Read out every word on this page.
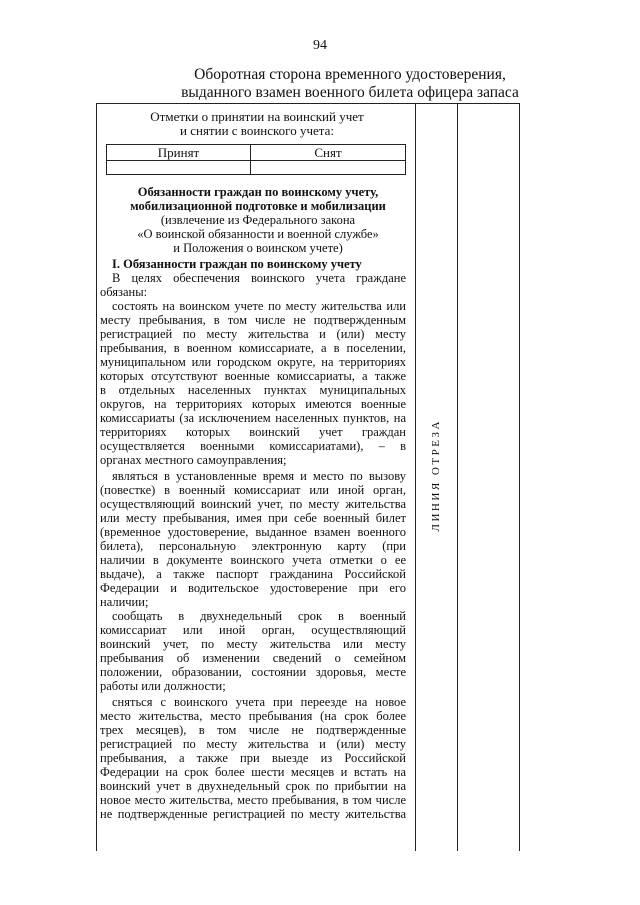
94
Оборотная сторона временного удостоверения,
выданного взамен военного билета офицера запаса
Отметки о принятии на воинский учет
и снятии с воинского учета:
Принят	Снят
Обязанности граждан по воинскому учету,
мобилизационной подготовке и мобилизации
(извлечение из Федерального закона
«О воинской обязанности и военной службе»
и Положения о воинском учете)
I. Обязанности граждан по воинскому учету
В целях обеспечения воинского учета граждане
обязаны:
состоять на воинском учете по месту жительства или
месту пребывания, в том числе не подтвержденным
регистрацией по месту жительства и (или) месту
пребывания, в военном комиссариате, а в поселении,
муниципальном или городском округе, на территориях
которых отсутствуют военные комиссариаты, а также
в отдельных населенных пунктах муниципальных
округов, на территориях которых имеются военные
комиссариаты (за исключением населенных пунктов, на
территориях которых воинский учет граждан
осуществляется военными комиссариатами), – в
органах местного самоуправления;
являться в установленные время и место по вызову
(повестке) в военный комиссариат или иной орган,
осуществляющий воинский учет, по месту жительства
или месту пребывания, имея при себе военный билет
(временное удостоверение, выданное взамен военного
билета), персональную электронную карту (при
наличии в документе воинского учета отметки о ее
выдаче), а также паспорт гражданина Российской
Федерации и водительское удостоверение при его
наличии;
сообщать в двухнедельный срок в военный
комиссариат или иной орган, осуществляющий
воинский учет, по месту жительства или месту
пребывания об изменении сведений о семейном
положении, образовании, состоянии здоровья, месте
работы или должности;
сняться с воинского учета при переезде на новое
место жительства, место пребывания (на срок более
трех месяцев), в том числе не подтвержденные
регистрацией по месту жительства и (или) месту
пребывания, а также при выезде из Российской
Федерации на срок более шести месяцев и встать на
воинский учет в двухнедельный срок по прибытии на
новое место жительства, место пребывания, в том числе
не подтвержденные регистрацией по месту жительства
ЛИНИЯ ОТРЕЗА
